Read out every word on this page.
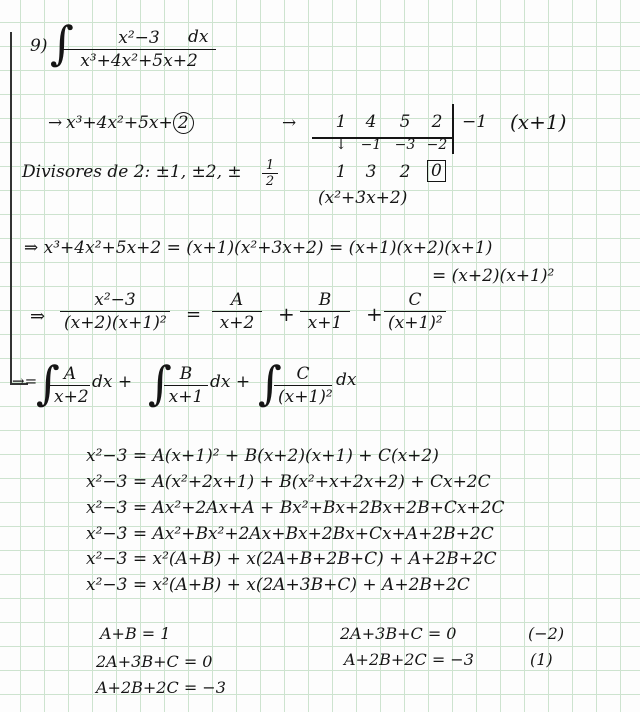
9) ∫
$\frac{\text{x²−3}}{\text{x³+4x²+5x+2}}$
dx
→ x³+4x²+5x+ 2	→	1	4	5	2	−1 (x+1)
↓ −1 −3 −2
1	3	2	0
(x²+3x+2)
Divisores de 2: ±1, ±2, ± $\frac{1}{2}$
⇒ x³+4x²+5x+2 = (x+1)(x²+3x+2) = (x+1)(x+2)(x+1)
= (x+2)(x+1)²
⇒ $\frac{\text{x²−3}}{\text{(x+2)(x+1)²}} = \frac{A}{x+2} + \frac{B}{x+1} + \frac{C}{\text{(x+1)²}}$
→=
∫
$\frac{A}{x+2}$ dx + ∫
$\frac{B}{x+1}$ dx + ∫
$\frac{C}{\text{(x+1)²}}$ dx
x²−3 = A(x+1)² + B(x+2)(x+1) + C(x+2)
x²−3 = A(x²+2x+1) + B(x²+x+2x+2) + Cx+2C
x²−3 = Ax²+2Ax+A + Bx²+Bx+2Bx+2B+Cx+2C
x²−3 = Ax²+Bx²+2Ax+Bx+2Bx+Cx+A+2B+2C
x²−3 = x²(A+B) + x(2A+B+2B+C) + A+2B+2C
x²−3 = x²(A+B) + x(2A+3B+C) + A+2B+2C
A+B = 1
2A+3B+C = 0
A+2B+2C = −3
2A+3B+C = 0	(−2)
A+2B+2C = −3	(1)
